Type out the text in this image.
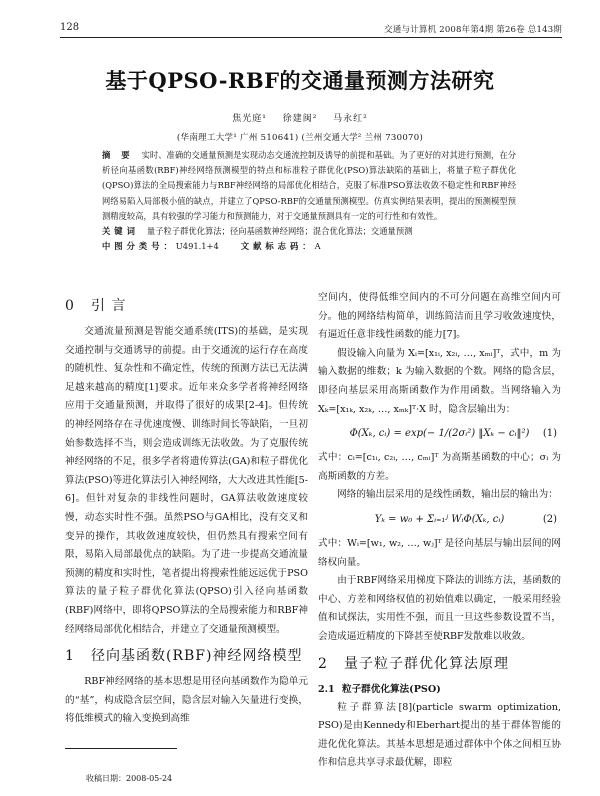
128	交通与计算机 2008年第4期 第26卷 总143期
基于QPSO-RBF的交通量预测方法研究
焦光庭¹ 徐建闽² 马永红²
(华南理工大学¹ 广州 510641) (兰州交通大学² 兰州 730070)
摘 要 实时、准确的交通量预测是实现动态交通流控制及诱导的前提和基础。为了更好的对其进行预测，在分析径向基函数(RBF)神经网络预测模型的特点和标准粒子群优化(PSO)算法缺陷的基础上，将量子粒子群优化(QPSO)算法的全局搜索能力与RBF神经网络的局部优化相结合，克服了标准PSO算法收敛不稳定性和RBF神经网络易陷入局部极小值的缺点，并建立了QPSO-RBF的交通量预测模型。仿真实例结果表明，提出的预测模型预测精度较高，具有较强的学习能力和预测能力，对于交通量预测具有一定的可行性和有效性。
关键词 量子粒子群优化算法；径向基函数神经网络；混合优化算法；交通量预测
中图分类号：U491.1+4	文献标志码：A
0 引 言

交通流量预测是智能交通系统(ITS)的基础，是实现交通控制与交通诱导的前提。由于交通流的运行存在高度的随机性、复杂性和不确定性，传统的预测方法已无法满足越来越高的精度[1]要求。近年来众多学者将神经网络应用于交通量预测，并取得了很好的成果[2-4]。但传统的神经网络存在寻优速度慢、训练时间长等缺陷，一旦初始参数选择不当，则会造成训练无法收敛。为了克服传统神经网络的不足，很多学者将遗传算法(GA)和粒子群优化算法(PSO)等进化算法引入神经网络，大大改进其性能[5-6]。但针对复杂的非线性问题时，GA算法收敛速度较慢，动态实时性不强。虽然PSO与GA相比，没有交叉和变异的操作，其收敛速度较快，但仍然具有搜索空间有限，易陷入局部最优点的缺陷。为了进一步提高交通流量预测的精度和实时性，笔者提出将搜索性能远远优于PSO算法的量子粒子群优化算法(QPSO)引入径向基函数(RBF)网络中，即将QPSO算法的全局搜索能力和RBF神经网络局部优化相结合，并建立了交通量预测模型。

1 径向基函数(RBF)神经网络模型

RBF神经网络的基本思想是用径向基函数作为隐单元的“基”，构成隐含层空间，隐含层对输入矢量进行变换，将低维模式的输入变换到高维

收稿日期：2008-05-24

空间内，使得低维空间内的不可分问题在高维空间内可分。他的网络结构简单，训练简洁而且学习收敛速度快，有逼近任意非线性函数的能力[7]。

假设输入向量为 Xᵢ=[x₁ᵢ, x₂ᵢ, …, xₘᵢ]ᵀ，式中，m 为输入数据的维数；k 为输入数据的个数。网络的隐含层，即径向基层采用高斯函数作为作用函数。当网络输入为 Xₖ=[x₁ₖ, x₂ₖ, …, xₘₖ]ᵀ·X 时，隐含层输出为：

Φ(Xₖ, cᵢ) = exp(− 1/(2σᵢ²) ‖Xₖ − cᵢ‖²) (1)

式中：cᵢ=[c₁ᵢ, c₂ᵢ, …, cₘᵢ]ᵀ 为高斯基函数的中心；σᵢ 为高斯函数的方差。

网络的输出层采用的是线性函数，输出层的输出为：

Yₖ = w₀ + Σᵢ₌₁ʲ WᵢΦ(Xₖ, cᵢ)	(2)

式中：Wᵢ=[w₁, w₂, …, wⱼ]ᵀ 是径向基层与输出层间的网络权向量。

由于RBF网络采用梯度下降法的训练方法，基函数的中心、方差和网络权值的初始值难以确定，一般采用经验值和试探法，实用性不强，而且一旦这些参数设置不当，会造成逼近精度的下降甚至使RBF发散难以收敛。

2 量子粒子群优化算法原理
2.1 粒子群优化算法(PSO)

粒子群算法[8](particle swarm optimization, PSO)是由Kennedy和Eberhart提出的基于群体智能的进化优化算法。其基本思想是通过群体中个体之间相互协作和信息共享寻求最优解，即粒
